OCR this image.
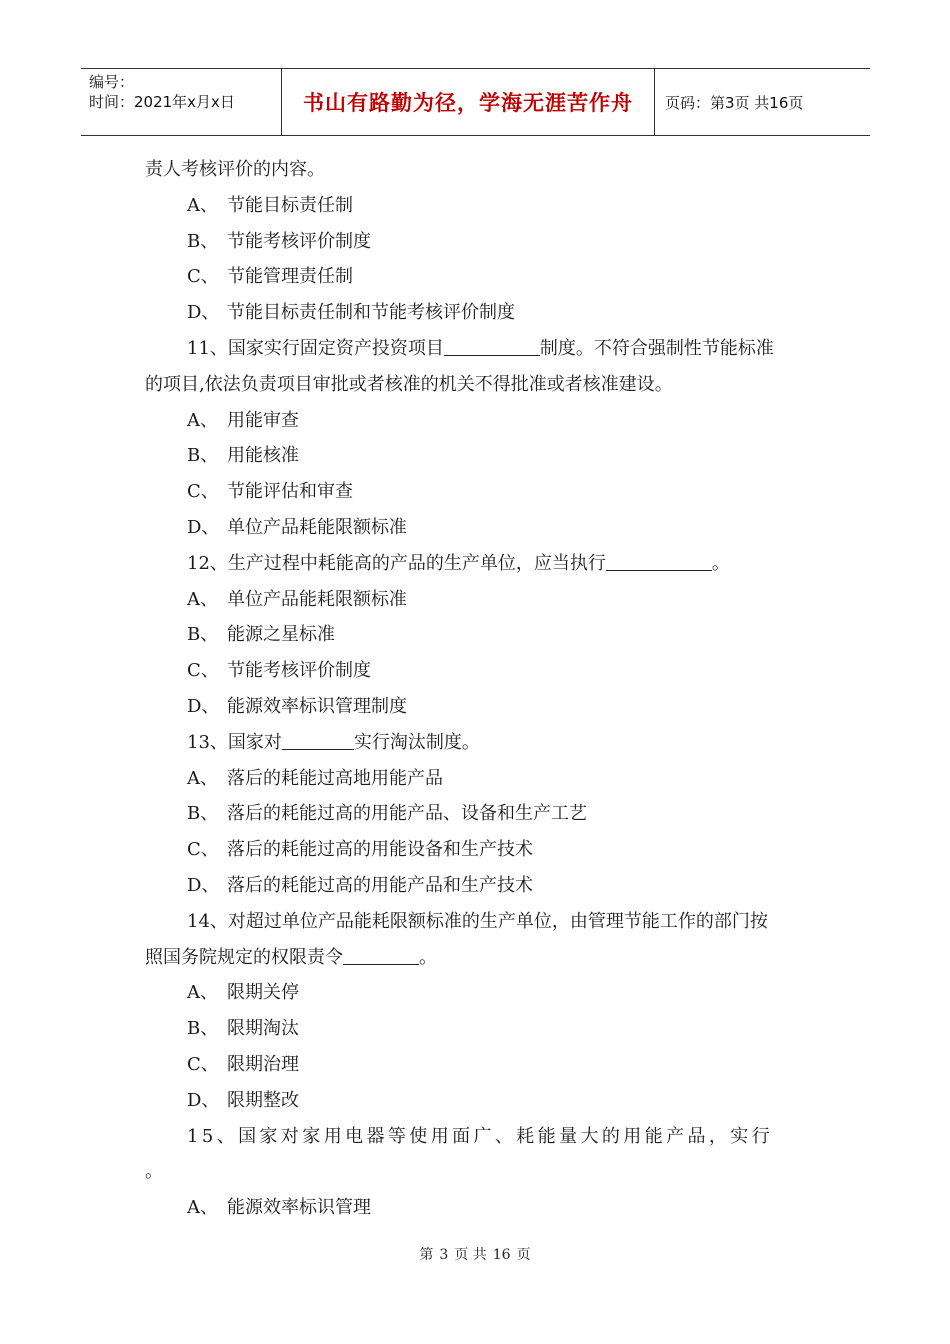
编号：
时间：2021年x月x日	书山有路勤为径，学海无涯苦作舟	页码：第3页 共16页
责人考核评价的内容。
A、 节能目标责任制
B、 节能考核评价制度
C、 节能管理责任制
D、 节能目标责任制和节能考核评价制度
11、国家实行固定资产投资项目	制度。不符合强制性节能标准
的项目,依法负责项目审批或者核准的机关不得批准或者核准建设。
A、 用能审查
B、 用能核准
C、 节能评估和审查
D、 单位产品耗能限额标准
12、生产过程中耗能高的产品的生产单位，应当执行	。
A、 单位产品能耗限额标准
B、 能源之星标准
C、 节能考核评价制度
D、 能源效率标识管理制度
13、国家对	实行淘汰制度。
A、 落后的耗能过高地用能产品
B、 落后的耗能过高的用能产品、设备和生产工艺
C、 落后的耗能过高的用能设备和生产技术
D、 落后的耗能过高的用能产品和生产技术
14、对超过单位产品能耗限额标准的生产单位，由管理节能工作的部门按
照国务院规定的权限责令	。
A、 限期关停
B、 限期淘汰
C、 限期治理
D、 限期整改
15、国家对家用电器等使用面广、耗能量大的用能产品，实行
。
A、 能源效率标识管理
第 3 页 共 16 页
